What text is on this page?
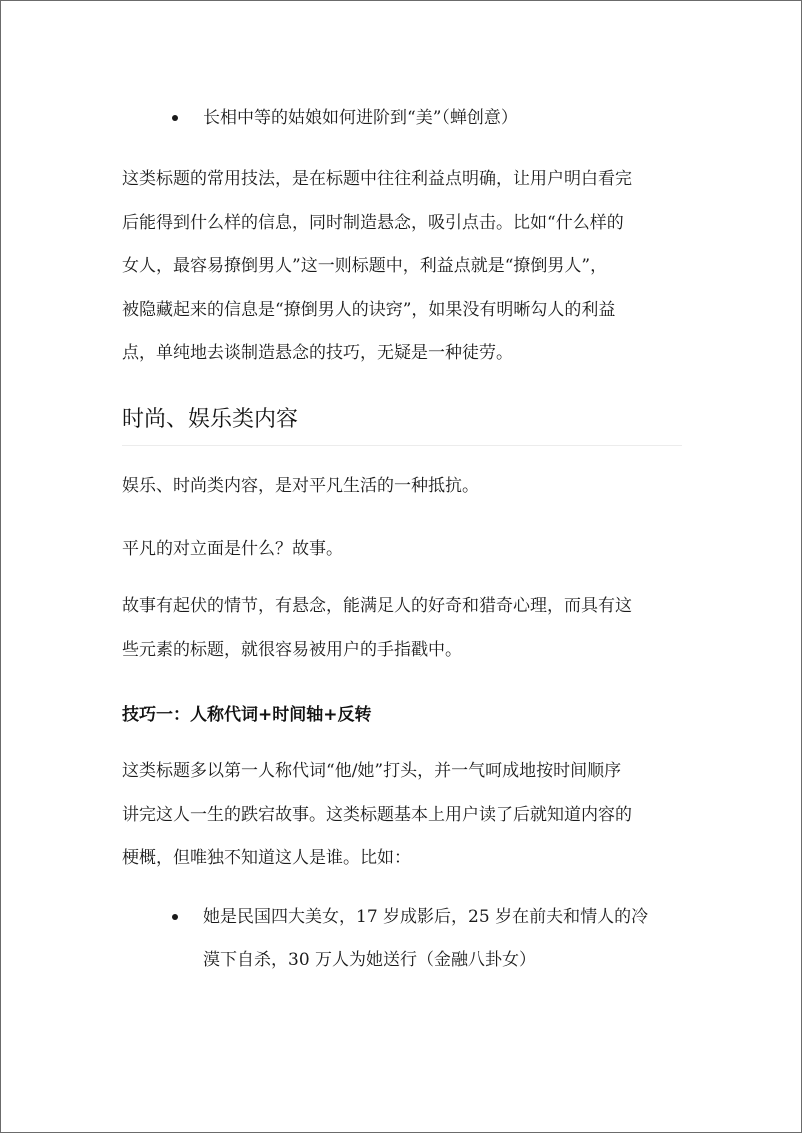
长相中等的姑娘如何进阶到“美”（蝉创意）
这类标题的常用技法，是在标题中往往利益点明确，让用户明白看完
后能得到什么样的信息，同时制造悬念，吸引点击。比如“什么样的
女人，最容易撩倒男人”这一则标题中，利益点就是“撩倒男人”，
被隐藏起来的信息是“撩倒男人的诀窍”，如果没有明晰勾人的利益
点，单纯地去谈制造悬念的技巧，无疑是一种徒劳。
时尚、娱乐类内容
娱乐、时尚类内容，是对平凡生活的一种抵抗。
平凡的对立面是什么？故事。
故事有起伏的情节，有悬念，能满足人的好奇和猎奇心理，而具有这
些元素的标题，就很容易被用户的手指戳中。
技巧一：人称代词+时间轴+反转
这类标题多以第一人称代词“他/她”打头，并一气呵成地按时间顺序
讲完这人一生的跌宕故事。这类标题基本上用户读了后就知道内容的
梗概，但唯独不知道这人是谁。比如：
她是民国四大美女，17 岁成影后，25 岁在前夫和情人的冷
漠下自杀，30 万人为她送行（金融八卦女）
